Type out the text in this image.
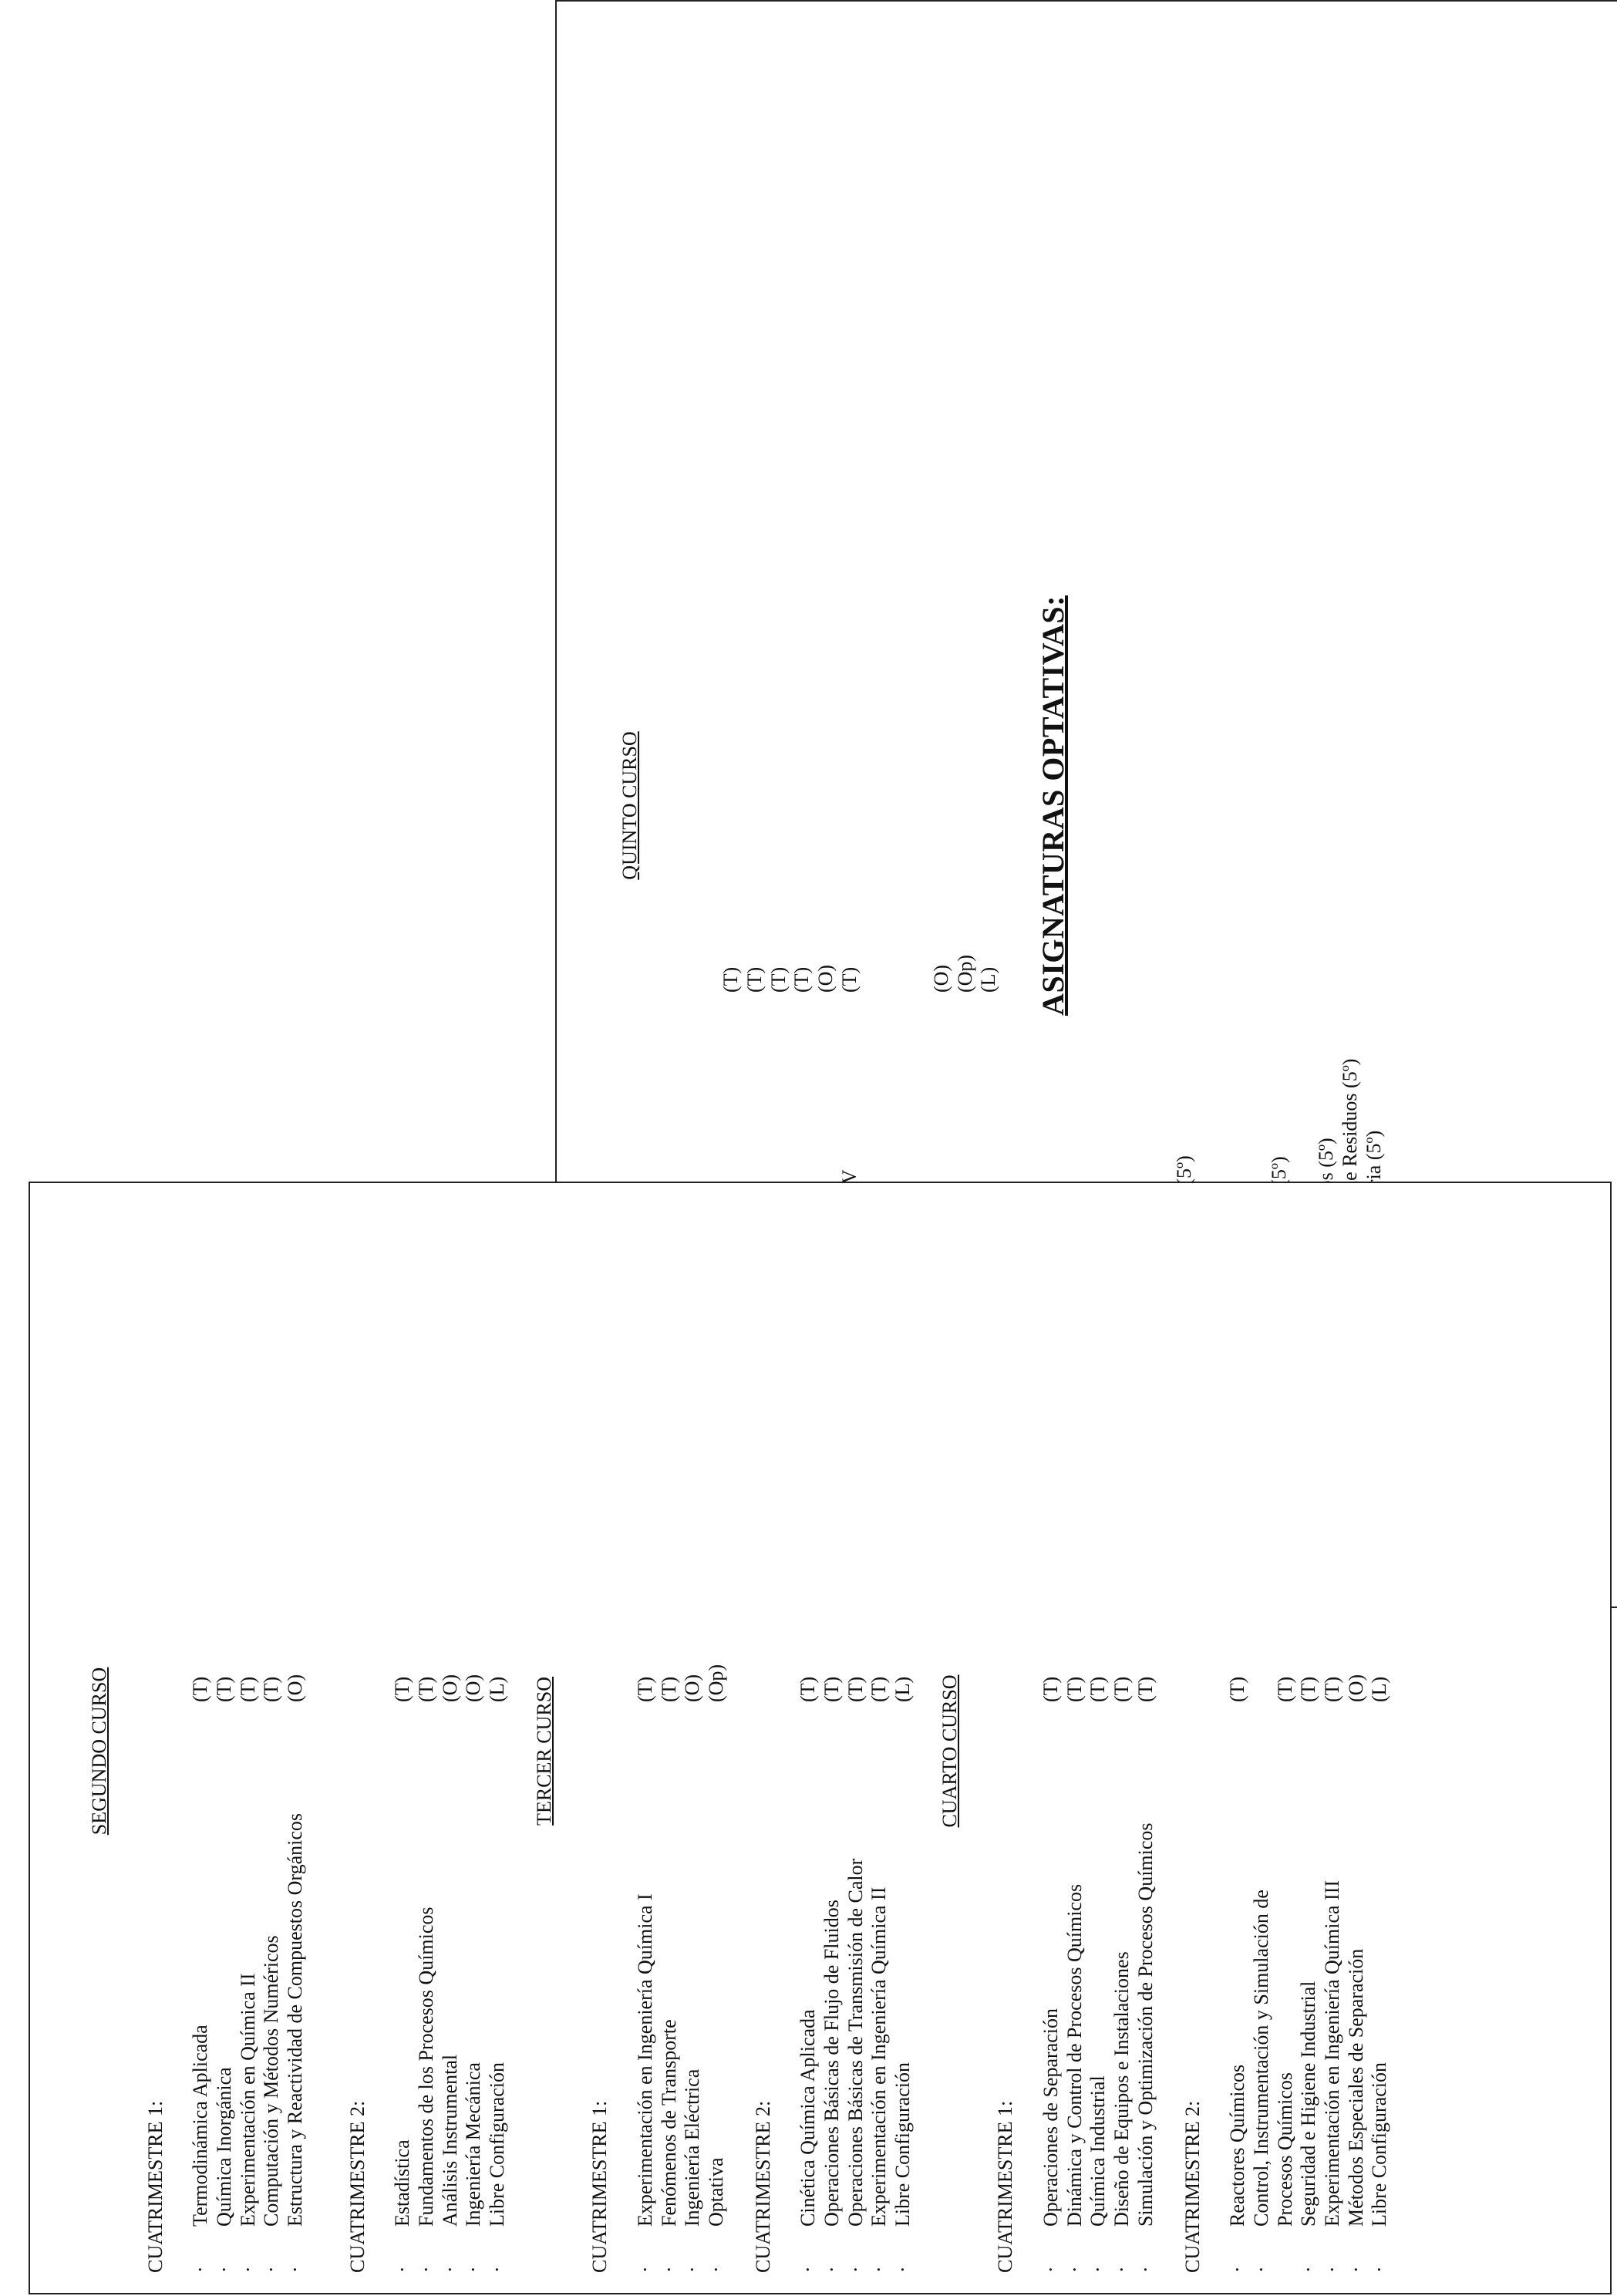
QUINTO CURSO
(T) (T) (T) (T) (O) (T)	(O) (Op) (L) ASIGNATURAS OPTATIVAS:
SEGUNDO CURSO
CUATRIMESTRE 1: ·
Termodinámica Aplicada
(T)
·
Química Inorgánica
(T)
·
Experimentación en Química II
(T)
·
Computación y Métodos Numéricos
(T)
·
Estructura y Reactividad de Compuestos Orgánicos
(O)
CUATRIMESTRE 2: ·
Estadística
(T)
·
Fundamentos de los Procesos Químicos
(T)
·
Análisis Instrumental
(O)
·
Ingeniería Mecánica
(O)
·
Libre Configuración
(L) TERCER CURSO
CUATRIMESTRE 1: ·
Experimentación en Ingeniería Química I
(T)
·
Fenómenos de Transporte
(T)
·
Ingeniería Eléctrica
(O)
·
Optativa
(Op)
CUATRIMESTRE 2: ·
Cinética Química Aplicada
(T)
·
Operaciones Básicas de Flujo de Fluidos
(T)
·
Operaciones Básicas de Transmisión de Calor
(T)
·
Experimentación en Ingeniería Química II
(T)
·
Libre Configuración
(L) CUARTO CURSO
CUATRIMESTRE 1: ·
Operaciones de Separación
(T)
·
Dinámica y Control de Procesos Químicos
(T)
·
Química Industrial
(T)
·
Diseño de Equipos e Instalaciones
(T)
·
Simulación y Optimización de Procesos Químicos
(T)
CUATRIMESTRE 2: ·
Reactores Químicos
(T)
·
Control, Instrumentación y Simulación de Procesos Químicos
(T)
·
Seguridad e Higiene Industrial
(T)
·
Experimentación en Ingeniería Química III
(T)
·
Métodos Especiales de Separación
(O)
·
Libre Configuración
(L)
